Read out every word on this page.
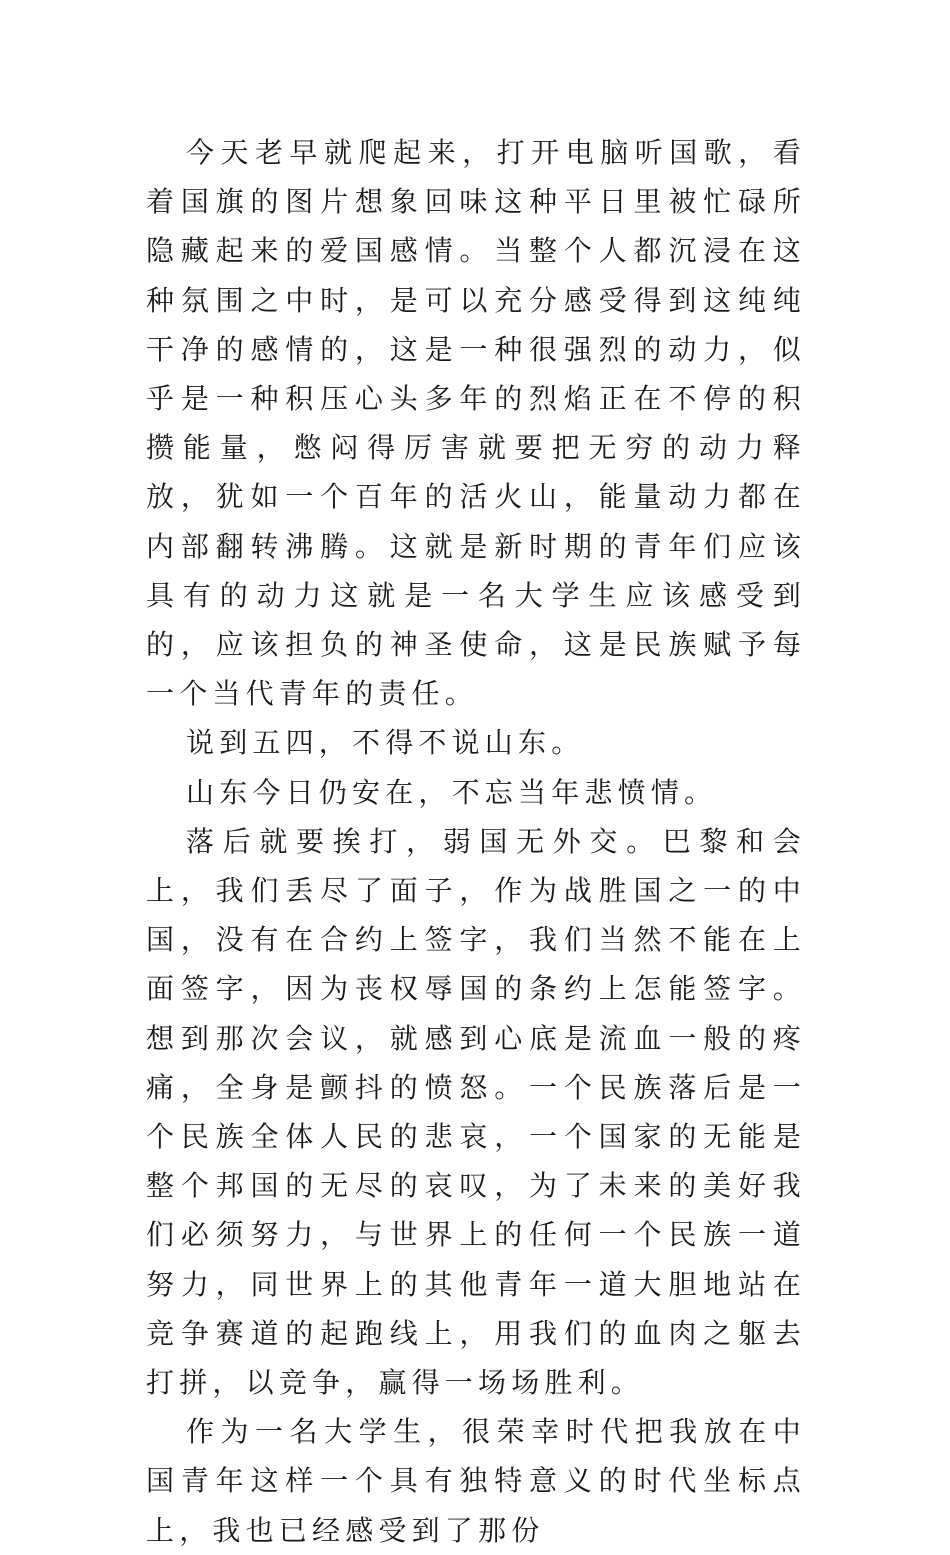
今天老早就爬起来，打开电脑听国歌，看着国旗的图片想象回味这种平日里被忙碌所隐藏起来的爱国感情。当整个人都沉浸在这种氛围之中时，是可以充分感受得到这纯纯干净的感情的，这是一种很强烈的动力，似乎是一种积压心头多年的烈焰正在不停的积攒能量，憋闷得厉害就要把无穷的动力释放，犹如一个百年的活火山，能量动力都在内部翻转沸腾。这就是新时期的青年们应该具有的动力这就是一名大学生应该感受到的，应该担负的神圣使命，这是民族赋予每一个当代青年的责任。

说到五四，不得不说山东。

山东今日仍安在，不忘当年悲愤情。

落后就要挨打，弱国无外交。巴黎和会上，我们丢尽了面子，作为战胜国之一的中国，没有在合约上签字，我们当然不能在上面签字，因为丧权辱国的条约上怎能签字。想到那次会议，就感到心底是流血一般的疼痛，全身是颤抖的愤怒。一个民族落后是一个民族全体人民的悲哀，一个国家的无能是整个邦国的无尽的哀叹，为了未来的美好我们必须努力，与世界上的任何一个民族一道努力，同世界上的其他青年一道大胆地站在竞争赛道的起跑线上，用我们的血肉之躯去打拼，以竞争，赢得一场场胜利。

作为一名大学生，很荣幸时代把我放在中国青年这样一个具有独特意义的时代坐标点上，我也已经感受到了那份
